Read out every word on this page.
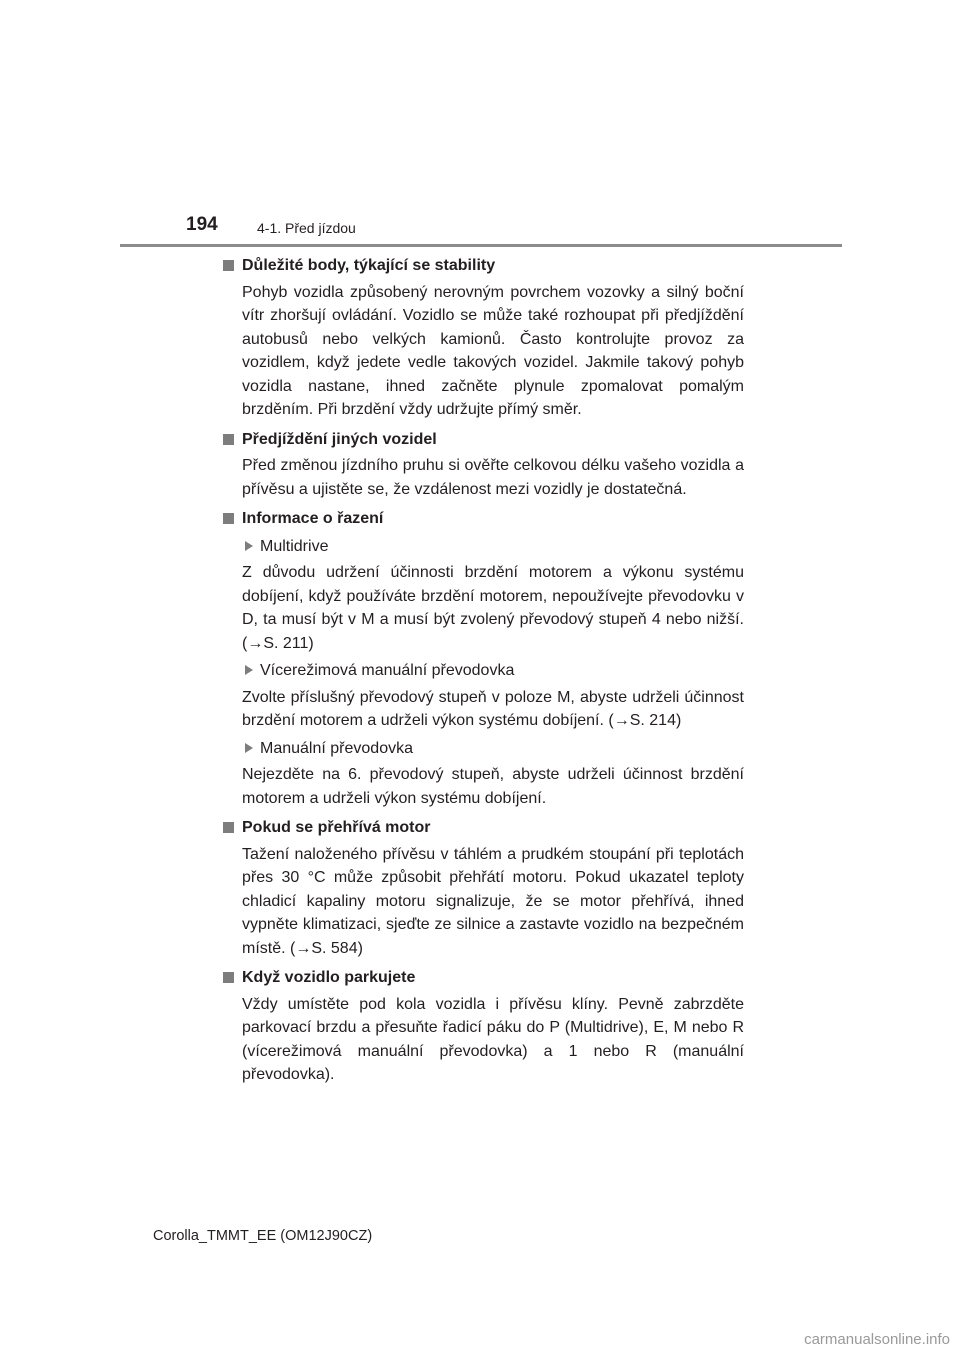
194	4-1. Před jízdou
Důležité body, týkající se stability
Pohyb vozidla způsobený nerovným povrchem vozovky a silný boční vítr zhoršují ovládání. Vozidlo se může také rozhoupat při předjíždění autobusů nebo velkých kamionů. Často kontrolujte provoz za vozidlem, když jedete vedle takových vozidel. Jakmile takový pohyb vozidla nastane, ihned začněte plynule zpomalovat pomalým brzděním. Při brzdění vždy udržujte přímý směr.
Předjíždění jiných vozidel
Před změnou jízdního pruhu si ověřte celkovou délku vašeho vozidla a přívěsu a ujistěte se, že vzdálenost mezi vozidly je dostatečná.
Informace o řazení
Multidrive
Z důvodu udržení účinnosti brzdění motorem a výkonu systému dobíjení, když používáte brzdění motorem, nepoužívejte převodovku v D, ta musí být v M a musí být zvolený převodový stupeň 4 nebo nižší. (→S. 211)
Vícerežimová manuální převodovka
Zvolte příslušný převodový stupeň v poloze M, abyste udrželi účinnost brzdění motorem a udrželi výkon systému dobíjení. (→S. 214)
Manuální převodovka
Nejezděte na 6. převodový stupeň, abyste udrželi účinnost brzdění motorem a udrželi výkon systému dobíjení.
Pokud se přehřívá motor
Tažení naloženého přívěsu v táhlém a prudkém stoupání při teplotách přes 30 °C může způsobit přehřátí motoru. Pokud ukazatel teploty chladicí kapaliny motoru signalizuje, že se motor přehřívá, ihned vypněte klimatizaci, sjeďte ze silnice a zastavte vozidlo na bezpečném místě. (→S. 584)
Když vozidlo parkujete
Vždy umístěte pod kola vozidla i přívěsu klíny. Pevně zabrzděte parkovací brzdu a přesuňte řadicí páku do P (Multidrive), E, M nebo R (vícerežimová manuální převodovka) a 1 nebo R (manuální převodovka).
Corolla_TMMT_EE (OM12J90CZ)
carmanualsonline.info
